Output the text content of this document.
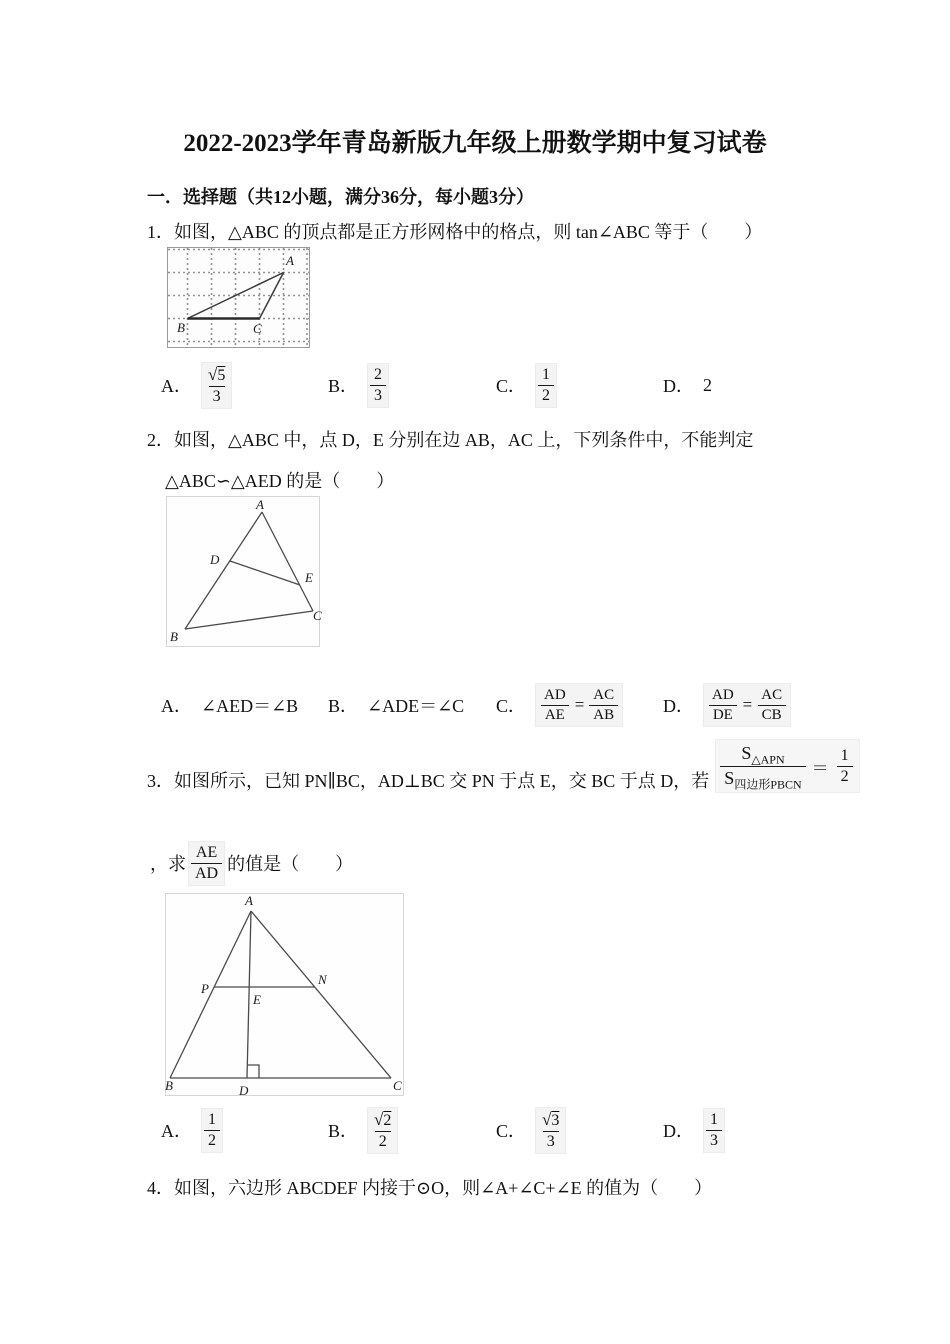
2022-2023学年青岛新版九年级上册数学期中复习试卷
一．选择题（共12小题，满分36分，每小题3分）
1．如图，△ABC 的顶点都是正方形网格中的格点，则 tan∠ABC 等于（　　）
A
B	C
A． $\frac{√5}{3}$	B． $\frac{2}{3}$	C． $\frac{1}{2}$	D． 2
2．如图，△ABC 中，点 D，E 分别在边 AB，AC 上，下列条件中，不能判定
△ABC∽△AED 的是（　　）
A
D
E
C
B
A． ∠AED＝∠B B． ∠ADE＝∠C C． $\frac{AD}{AE} = \frac{AC}{AB}$ D． $\frac{AD}{DE} = \frac{AC}{CB}$
3．如图所示，已知 PN∥BC，AD⊥BC 交 PN 于点 E，交 BC 于点 D，若 $\frac{S_{\triangle APN}}{S_{四边形PBCN}} = \frac{1}{2}$
，求 $\frac{AE}{AD}$ 的值是（　　）
A
P
N
E
B	D	C
A． $\frac{1}{2}$	B． $\frac{√2}{2}$	C． $\frac{√3}{3}$	D． $\frac{1}{3}$
4．如图，六边形 ABCDEF 内接于⊙O，则∠A+∠C+∠E 的值为（　　）
